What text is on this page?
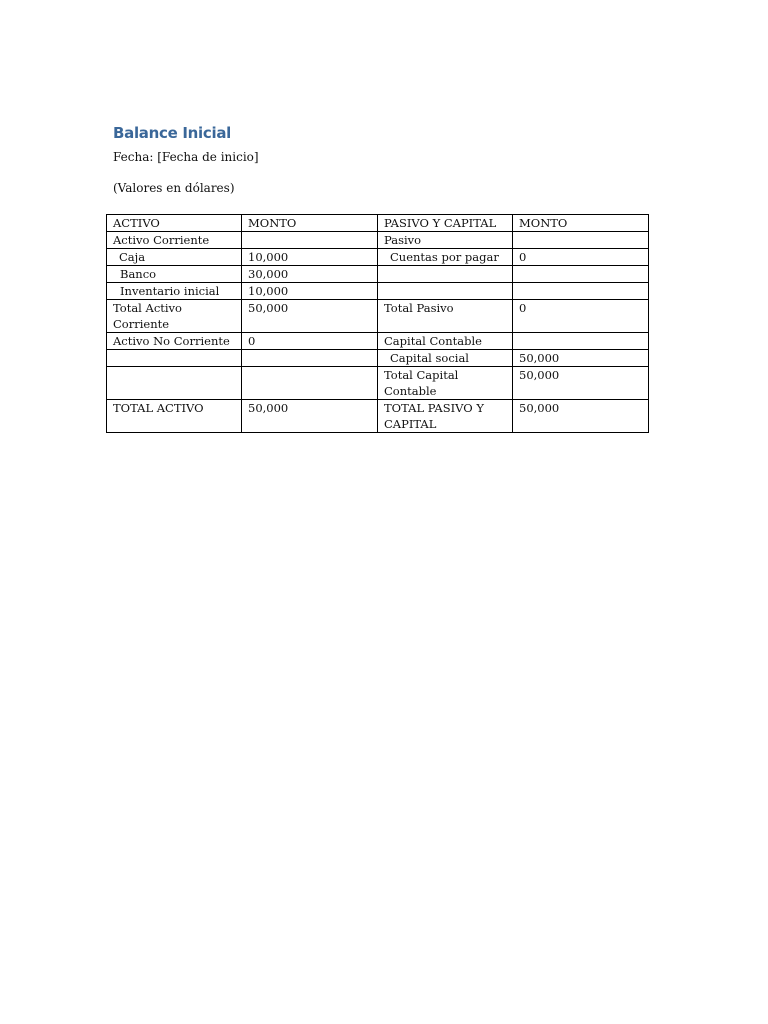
Balance Inicial

Fecha: [Fecha de inicio]

(Valores en dólares)

ACTIVO	MONTO	PASIVO Y CAPITAL	MONTO
Activo Corriente		Pasivo	
Caja	10,000	Cuentas por pagar	0
Banco	30,000		
Inventario inicial	10,000		
Total Activo Corriente	50,000	Total Pasivo	0
Activo No Corriente	0	Capital Contable	
		Capital social	50,000
		Total Capital Contable	50,000
TOTAL ACTIVO	50,000	TOTAL PASIVO Y CAPITAL	50,000
